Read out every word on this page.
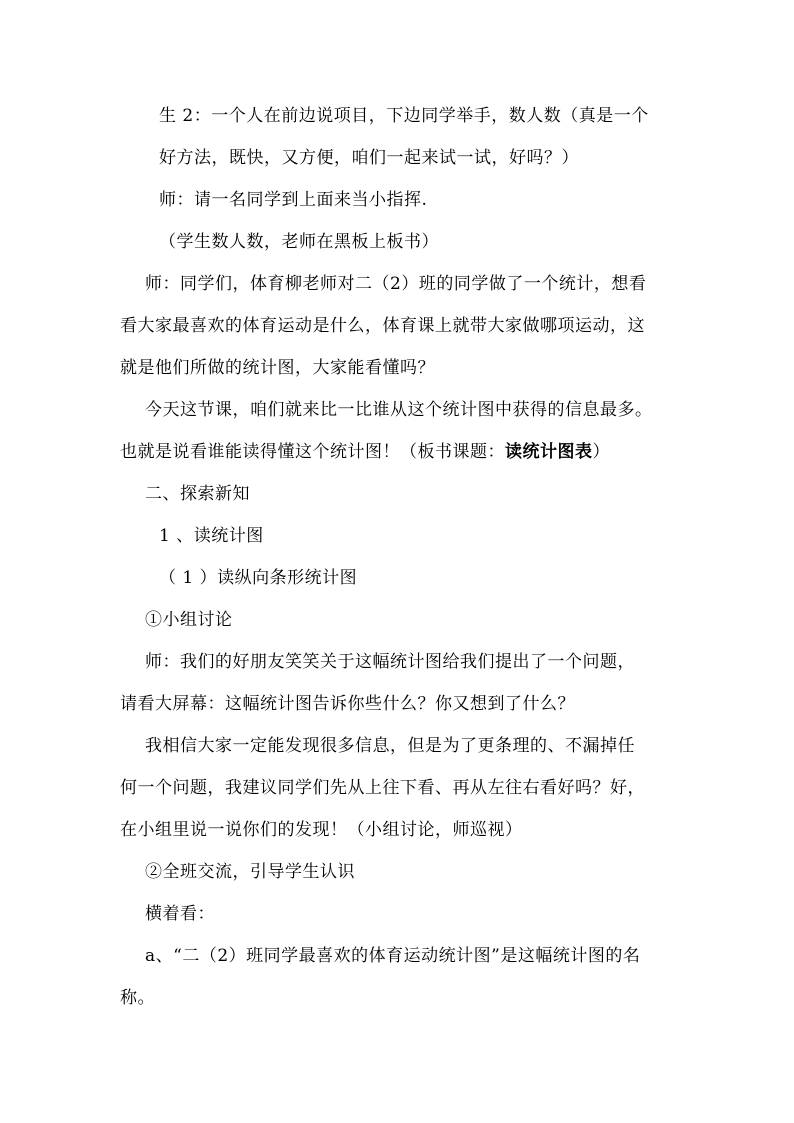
生 2：一个人在前边说项目，下边同学举手，数人数（真是一个
好方法，既快，又方便，咱们一起来试一试，好吗？）
师：请一名同学到上面来当小指挥.
（学生数人数，老师在黑板上板书）
师：同学们，体育柳老师对二（2）班的同学做了一个统计，想看
看大家最喜欢的体育运动是什么，体育课上就带大家做哪项运动，这
就是他们所做的统计图，大家能看懂吗？
今天这节课，咱们就来比一比谁从这个统计图中获得的信息最多。
也就是说看谁能读得懂这个统计图！（板书课题：读统计图表）
二、探索新知
1 、读统计图
（ 1 ）读纵向条形统计图
①小组讨论
师：我们的好朋友笑笑关于这幅统计图给我们提出了一个问题，
请看大屏幕：这幅统计图告诉你些什么？你又想到了什么？
我相信大家一定能发现很多信息，但是为了更条理的、不漏掉任
何一个问题，我建议同学们先从上往下看、再从左往右看好吗？好，
在小组里说一说你们的发现！（小组讨论，师巡视）
②全班交流，引导学生认识
横着看：
a、“二（2）班同学最喜欢的体育运动统计图”是这幅统计图的名
称。
